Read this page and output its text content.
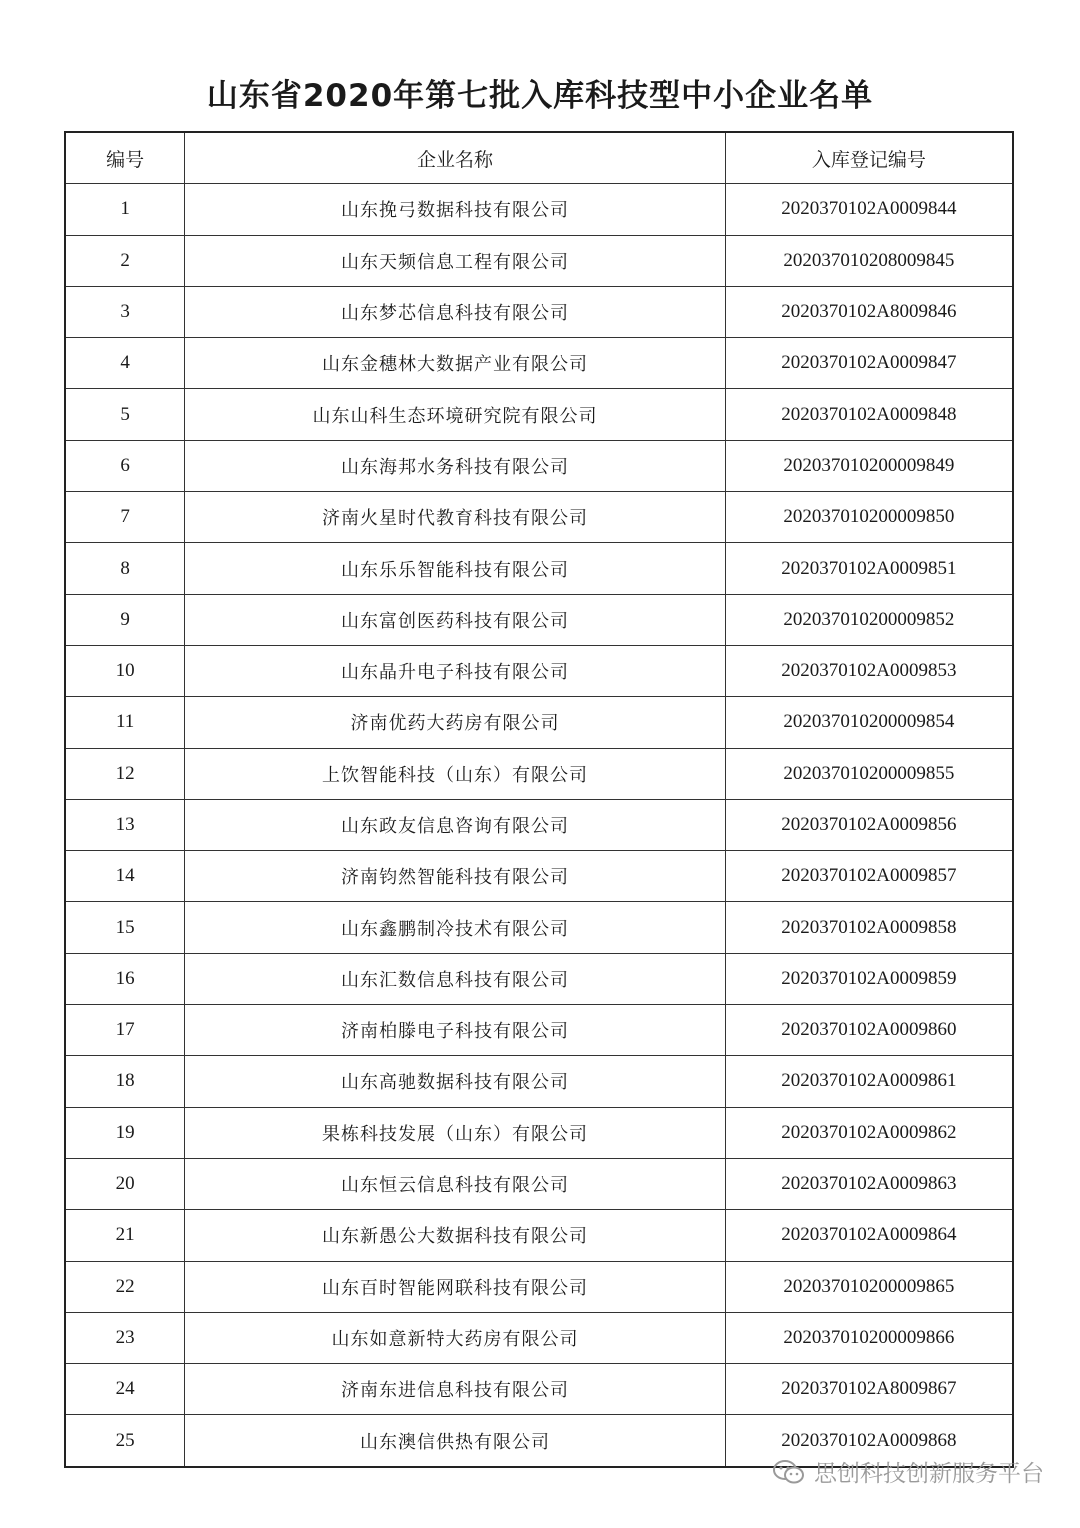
山东省2020年第七批入库科技型中小企业名单
编号	企业名称	入库登记编号
1	山东挽弓数据科技有限公司	2020370102A0009844
2	山东天频信息工程有限公司	202037010208009845
3	山东梦芯信息科技有限公司	2020370102A8009846
4	山东金穗林大数据产业有限公司	2020370102A0009847
5	山东山科生态环境研究院有限公司	2020370102A0009848
6	山东海邦水务科技有限公司	202037010200009849
7	济南火星时代教育科技有限公司	202037010200009850
8	山东乐乐智能科技有限公司	2020370102A0009851
9	山东富创医药科技有限公司	202037010200009852
10	山东晶升电子科技有限公司	2020370102A0009853
11	济南优药大药房有限公司	202037010200009854
12	上饮智能科技（山东）有限公司	202037010200009855
13	山东政友信息咨询有限公司	2020370102A0009856
14	济南钧然智能科技有限公司	2020370102A0009857
15	山东鑫鹏制冷技术有限公司	2020370102A0009858
16	山东汇数信息科技有限公司	2020370102A0009859
17	济南柏滕电子科技有限公司	2020370102A0009860
18	山东高驰数据科技有限公司	2020370102A0009861
19	果栋科技发展（山东）有限公司	2020370102A0009862
20	山东恒云信息科技有限公司	2020370102A0009863
21	山东新愚公大数据科技有限公司	2020370102A0009864
22	山东百时智能网联科技有限公司	202037010200009865
23	山东如意新特大药房有限公司	202037010200009866
24	济南东进信息科技有限公司	2020370102A8009867
25	山东澳信供热有限公司	2020370102A0009868
思创科技创新服务平台
